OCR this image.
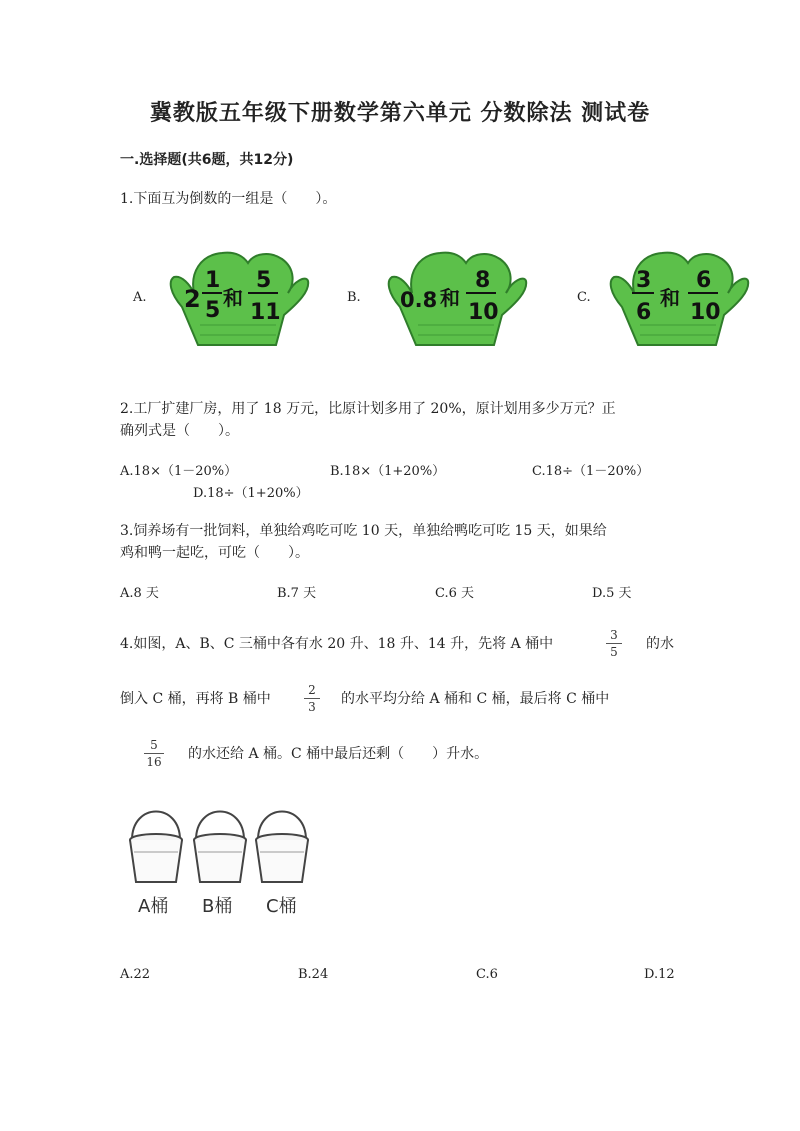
冀教版五年级下册数学第六单元 分数除法 测试卷
一.选择题(共6题，共12分)
1.下面互为倒数的一组是（　　）。
A.	B.	C.
2
1
5 和
5
11	0.8 和
8
10
3
6
和
6
10
2.工厂扩建厂房，用了 18 万元，比原计划多用了 20%，原计划用多少万元？正
确列式是（　　）。
A.18×（1－20%）	B.18×（1+20%）	C.18÷（1－20%）
D.18÷（1+20%）
3.饲养场有一批饲料，单独给鸡吃可吃 10 天，单独给鸭吃可吃 15 天，如果给
鸡和鸭一起吃，可吃（　　）。
A.8 天	B.7 天	C.6 天	D.5 天
4.如图，A、B、C 三桶中各有水 20 升、18 升、14 升，先将 A 桶中
3
5 的水
倒入 C 桶，再将 B 桶中
2
3 的水平均分给 A 桶和 C 桶，最后将 C 桶中
5
16 的水还给 A 桶。C 桶中最后还剩（　　）升水。
A桶 B桶 C桶
A.22	B.24	C.6	D.12
